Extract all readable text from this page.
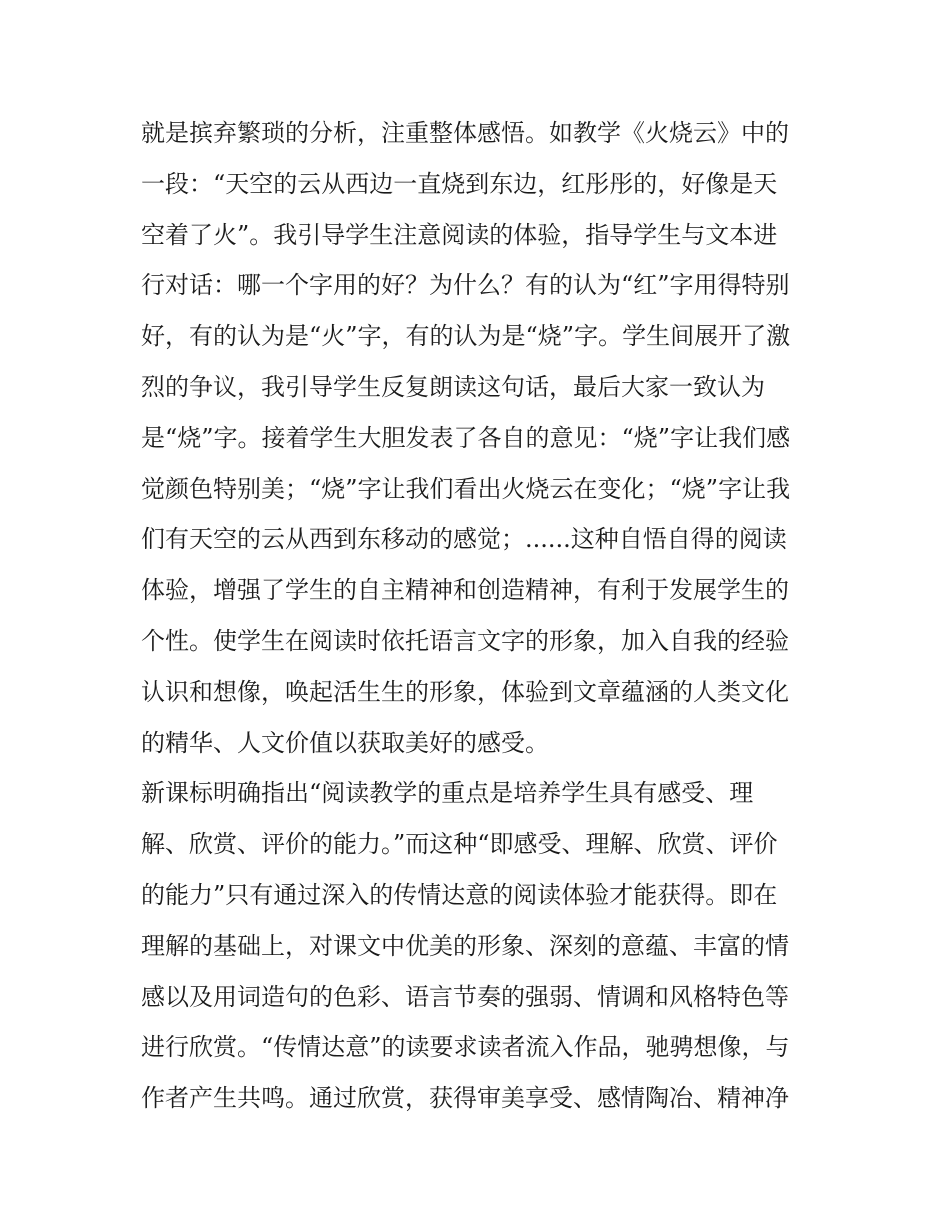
就是摈弃繁琐的分析，注重整体感悟。如教学《火烧云》中的

一段：“天空的云从西边一直烧到东边，红彤彤的，好像是天

空着了火”。我引导学生注意阅读的体验，指导学生与文本进

行对话：哪一个字用的好？为什么？有的认为“红”字用得特别

好，有的认为是“火”字，有的认为是“烧”字。学生间展开了激

烈的争议，我引导学生反复朗读这句话，最后大家一致认为

是“烧”字。接着学生大胆发表了各自的意见：“烧”字让我们感

觉颜色特别美；“烧”字让我们看出火烧云在变化；“烧”字让我

们有天空的云从西到东移动的感觉；......这种自悟自得的阅读

体验，增强了学生的自主精神和创造精神，有利于发展学生的

个性。使学生在阅读时依托语言文字的形象，加入自我的经验

认识和想像，唤起活生生的形象，体验到文章蕴涵的人类文化

的精华、人文价值以获取美好的感受。

新课标明确指出“阅读教学的重点是培养学生具有感受、理

解、欣赏、评价的能力。”而这种“即感受、理解、欣赏、评价

的能力”只有通过深入的传情达意的阅读体验才能获得。即在

理解的基础上，对课文中优美的形象、深刻的意蕴、丰富的情

感以及用词造句的色彩、语言节奏的强弱、情调和风格特色等

进行欣赏。“传情达意”的读要求读者流入作品，驰骋想像，与

作者产生共鸣。通过欣赏，获得审美享受、感情陶冶、精神净
